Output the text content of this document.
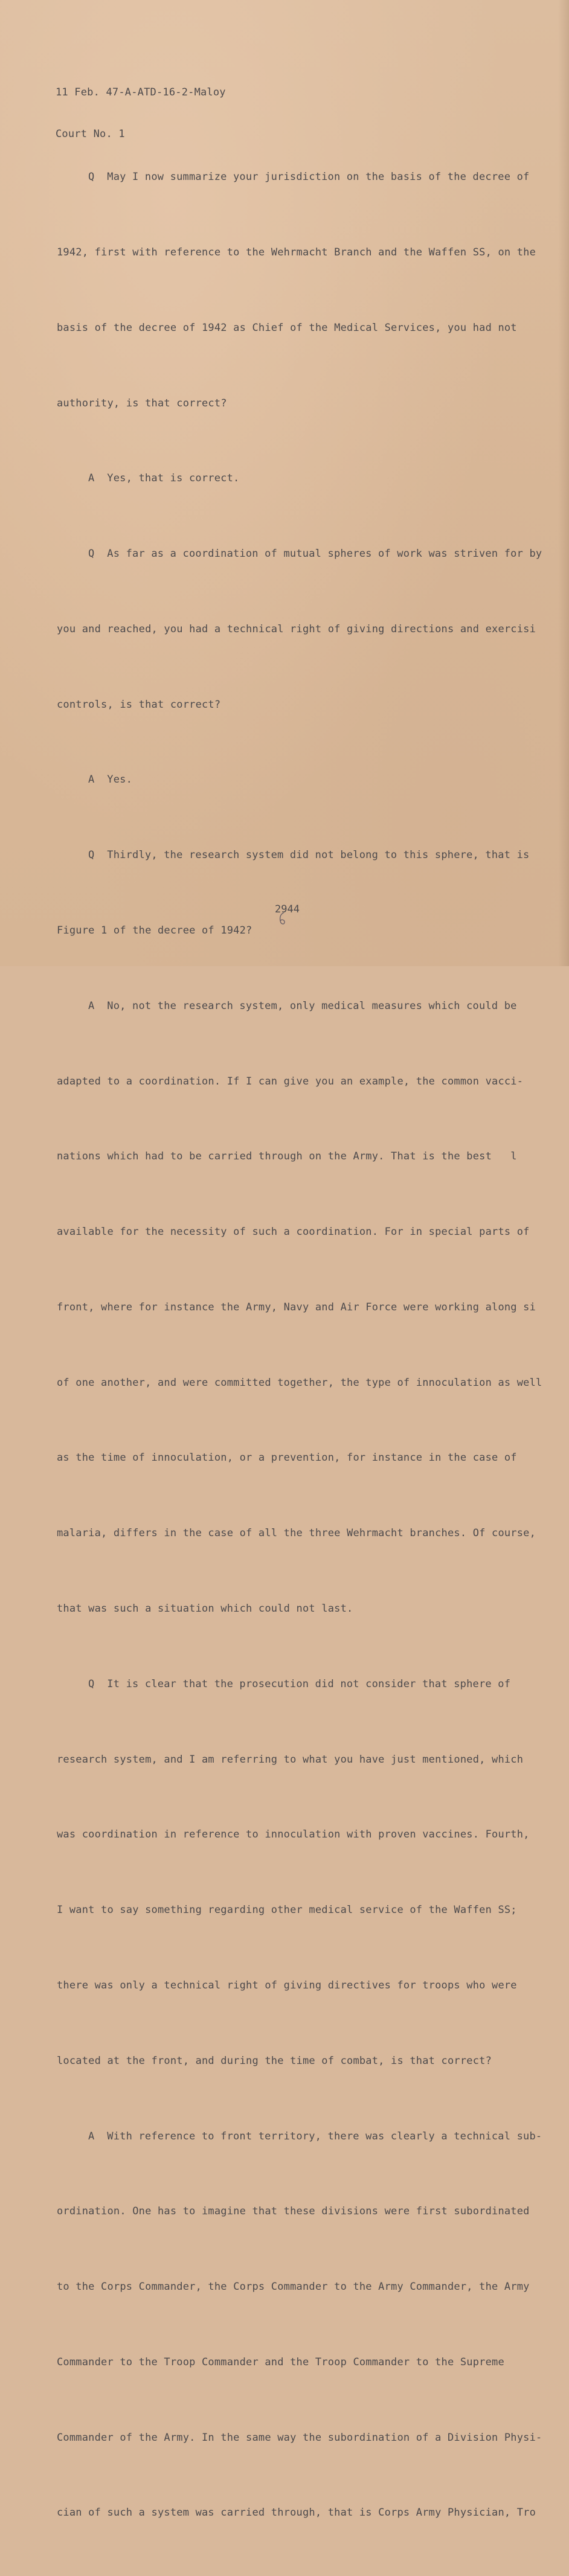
11 Feb. 47-A-ATD-16-2-Maloy

Court No. 1

Q  May I now summarize your jurisdiction on the basis of the decree of

1942, first with reference to the Wehrmacht Branch and the Waffen SS, on the

basis of the decree of 1942 as Chief of the Medical Services, you had not

authority, is that correct?

A  Yes, that is correct.

Q  As far as a coordination of mutual spheres of work was striven for by

you and reached, you had a technical right of giving directions and exercisi

controls, is that correct?

A  Yes.

Q  Thirdly, the research system did not belong to this sphere, that is

Figure 1 of the decree of 1942?

A  No, not the research system, only medical measures which could be

adapted to a coordination. If I can give you an example, the common vacci-

nations which had to be carried through on the Army. That is the best   l

available for the necessity of such a coordination. For in special parts of

front, where for instance the Army, Navy and Air Force were working along si

of one another, and were committed together, the type of innoculation as well

as the time of innoculation, or a prevention, for instance in the case of

malaria, differs in the case of all the three Wehrmacht branches. Of course,

that was such a situation which could not last.

Q  It is clear that the prosecution did not consider that sphere of

research system, and I am referring to what you have just mentioned, which

was coordination in reference to innoculation with proven vaccines. Fourth,

I want to say something regarding other medical service of the Waffen SS;

there was only a technical right of giving directives for troops who were

located at the front, and during the time of combat, is that correct?

A  With reference to front territory, there was clearly a technical sub-

ordination. One has to imagine that these divisions were first subordinated

to the Corps Commander, the Corps Commander to the Army Commander, the Army

Commander to the Troop Commander and the Troop Commander to the Supreme

Commander of the Army. In the same way the subordination of a Division Physi-

cian of such a system was carried through, that is Corps Army Physician, Tro

2944
